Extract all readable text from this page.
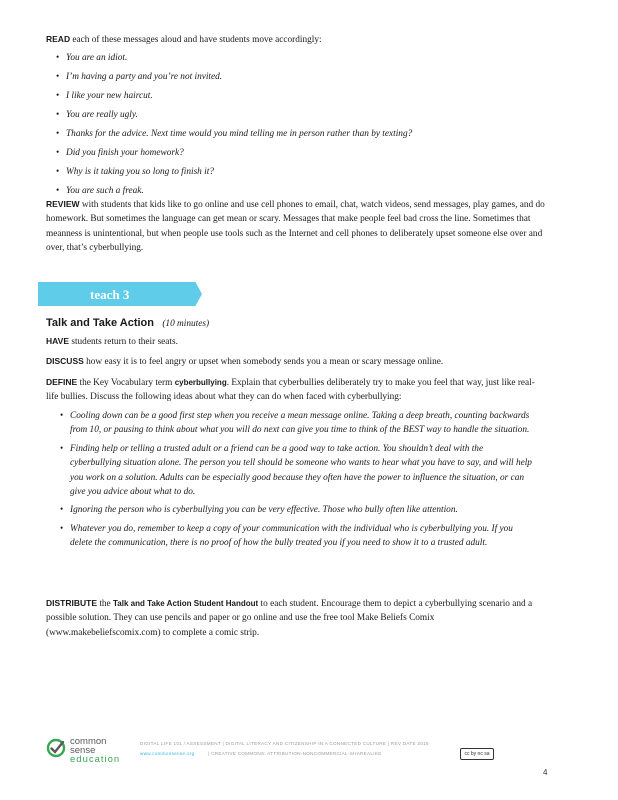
READ each of these messages aloud and have students move accordingly:
• You are an idiot.
• I’m having a party and you’re not invited.
• I like your new haircut.
• You are really ugly.
• Thanks for the advice. Next time would you mind telling me in person rather than by texting?
• Did you finish your homework?
• Why is it taking you so long to finish it?
• You are such a freak.
REVIEW with students that kids like to go online and use cell phones to email, chat, watch videos, send messages, play games, and do homework. But sometimes the language can get mean or scary. Messages that make people feel bad cross the line. Sometimes that meanness is unintentional, but when people use tools such as the Internet and cell phones to deliberately upset someone else over and over, that’s cyberbullying.
teach 3
Talk and Take Action (10 minutes)
HAVE students return to their seats.
DISCUSS how easy it is to feel angry or upset when somebody sends you a mean or scary message online.
DEFINE the Key Vocabulary term cyberbullying. Explain that cyberbullies deliberately try to make you feel that way, just like real-life bullies. Discuss the following ideas about what they can do when faced with cyberbullying:
• Cooling down can be a good first step when you receive a mean message online. Taking a deep breath, counting backwards from 10, or pausing to think about what you will do next can give you time to think of the BEST way to handle the situation.
• Finding help or telling a trusted adult or a friend can be a good way to take action. You shouldn’t deal with the cyberbullying situation alone. The person you tell should be someone who wants to hear what you have to say, and will help you work on a solution. Adults can be especially good because they often have the power to influence the situation, or can give you advice about what to do.
• Ignoring the person who is cyberbullying you can be very effective. Those who bully often like attention.
• Whatever you do, remember to keep a copy of your communication with the individual who is cyberbullying you. If you delete the communication, there is no proof of how the bully treated you if you need to show it to a trusted adult.
DISTRIBUTE the Talk and Take Action Student Handout to each student. Encourage them to depict a cyberbullying scenario and a possible solution. They can use pencils and paper or go online and use the free tool Make Beliefs Comix (www.makebeliefscomix.com) to complete a comic strip.
common
sense
education
DIGITAL LIFE 101 / ASSESSMENT | DIGITAL LITERACY AND CITIZENSHIP IN A CONNECTED CULTURE | REV DATE 2015
www.commonsense.org	| CREATIVE COMMONS: ATTRIBUTION-NONCOMMERCIAL-SHAREALIKE	cc by nc sa
4
